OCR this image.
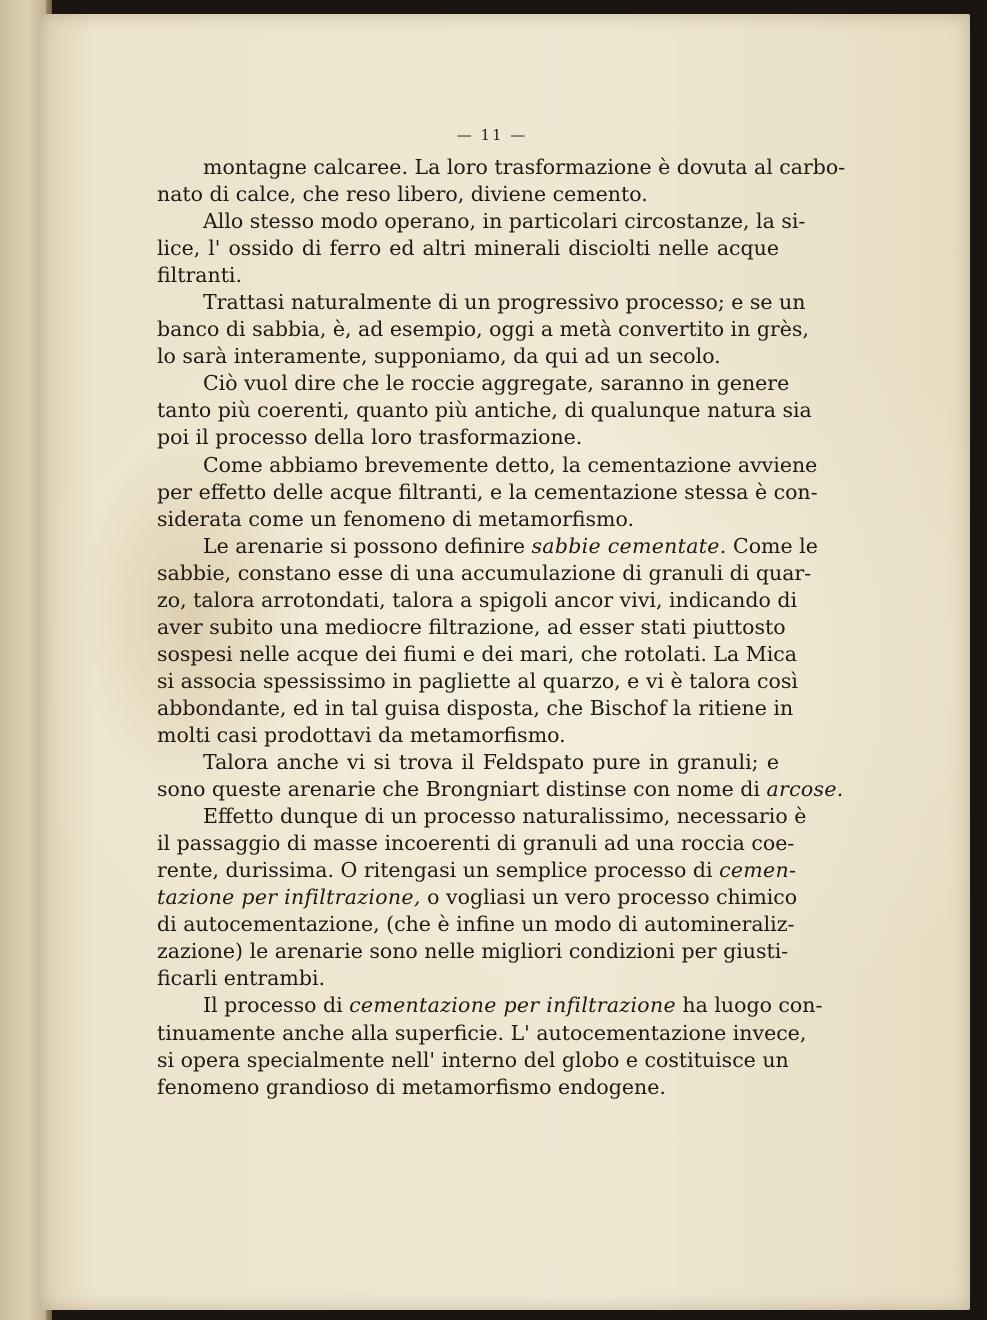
— 11 —
montagne calcaree. La loro trasformazione è dovuta al carbo-
nato di calce, che reso libero, diviene cemento.
Allo stesso modo operano, in particolari circostanze, la si-
lice, l' ossido di ferro ed altri minerali disciolti nelle acque
filtranti.
Trattasi naturalmente di un progressivo processo; e se un
banco di sabbia, è, ad esempio, oggi a metà convertito in grès,
lo sarà interamente, supponiamo, da qui ad un secolo.
Ciò vuol dire che le roccie aggregate, saranno in genere
tanto più coerenti, quanto più antiche, di qualunque natura sia
poi il processo della loro trasformazione.
Come abbiamo brevemente detto, la cementazione avviene
per effetto delle acque filtranti, e la cementazione stessa è con-
siderata come un fenomeno di metamorfismo.
Le arenarie si possono definire sabbie cementate. Come le
sabbie, constano esse di una accumulazione di granuli di quar-
zo, talora arrotondati, talora a spigoli ancor vivi, indicando di
aver subito una mediocre filtrazione, ad esser stati piuttosto
sospesi nelle acque dei fiumi e dei mari, che rotolati. La Mica
si associa spessissimo in pagliette al quarzo, e vi è talora così
abbondante, ed in tal guisa disposta, che Bischof la ritiene in
molti casi prodottavi da metamorfismo.
Talora anche vi si trova il Feldspato pure in granuli; e
sono queste arenarie che Brongniart distinse con nome di arcose.
Effetto dunque di un processo naturalissimo, necessario è
il passaggio di masse incoerenti di granuli ad una roccia coe-
rente, durissima. O ritengasi un semplice processo di cemen-
tazione per infiltrazione, o vogliasi un vero processo chimico
di autocementazione, (che è infine un modo di automineraliz-
zazione) le arenarie sono nelle migliori condizioni per giusti-
ficarli entrambi.
Il processo di cementazione per infiltrazione ha luogo con-
tinuamente anche alla superficie. L' autocementazione invece,
si opera specialmente nell' interno del globo e costituisce un
fenomeno grandioso di metamorfismo endogene.
